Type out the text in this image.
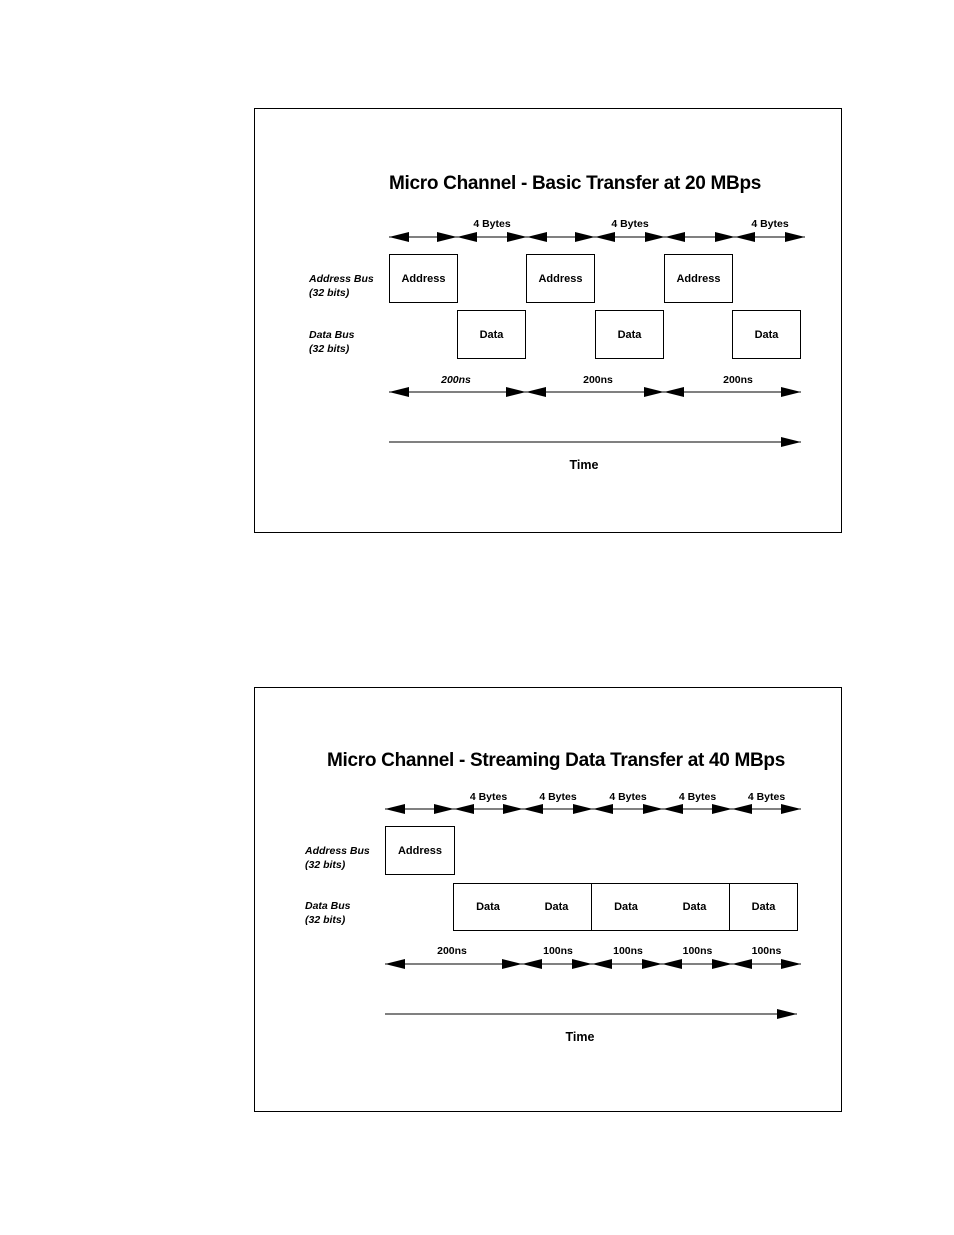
Micro Channel - Basic Transfer at 20 MBps
4 Bytes	4 Bytes	4 Bytes
Address Bus
(32 bits)
Data Bus
(32 bits)
Address	Address	Address
Data	Data	Data
200ns	200ns	200ns
Time
Micro Channel - Streaming Data Transfer at 40 MBps
4 Bytes	4 Bytes	4 Bytes	4 Bytes	4 Bytes
Address Bus
(32 bits)
Data Bus
(32 bits)
Address
Data	Data	Data	Data	Data
200ns	100ns	100ns	100ns	100ns
Time
